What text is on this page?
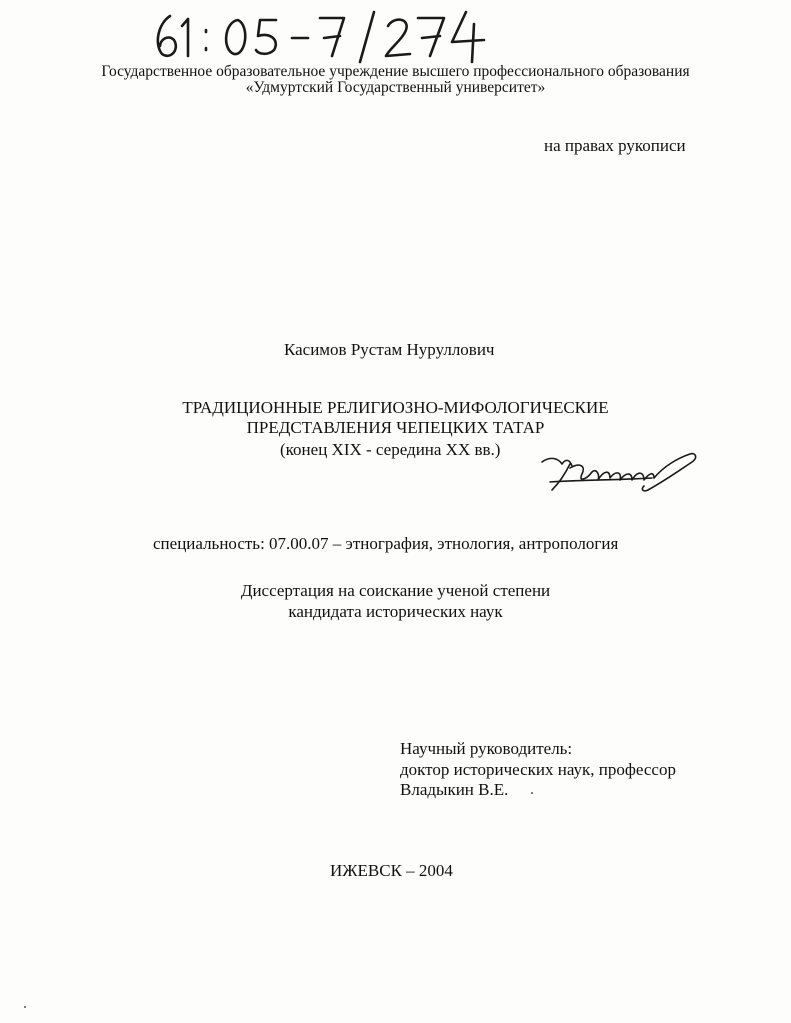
Государственное образовательное учреждение высшего профессионального образования
«Удмуртский Государственный университет»
на правах рукописи
Касимов Рустам Нуруллович
ТРАДИЦИОННЫЕ РЕЛИГИОЗНО-МИФОЛОГИЧЕСКИЕ
ПРЕДСТАВЛЕНИЯ ЧЕПЕЦКИХ ТАТАР
(конец XIX - середина XX вв.)
специальность: 07.00.07 – этнография, этнология, антропология
Диссертация на соискание ученой степени
кандидата исторических наук
Научный руководитель:
доктор исторических наук, профессор
Владыкин В.Е.
ИЖЕВСК – 2004
